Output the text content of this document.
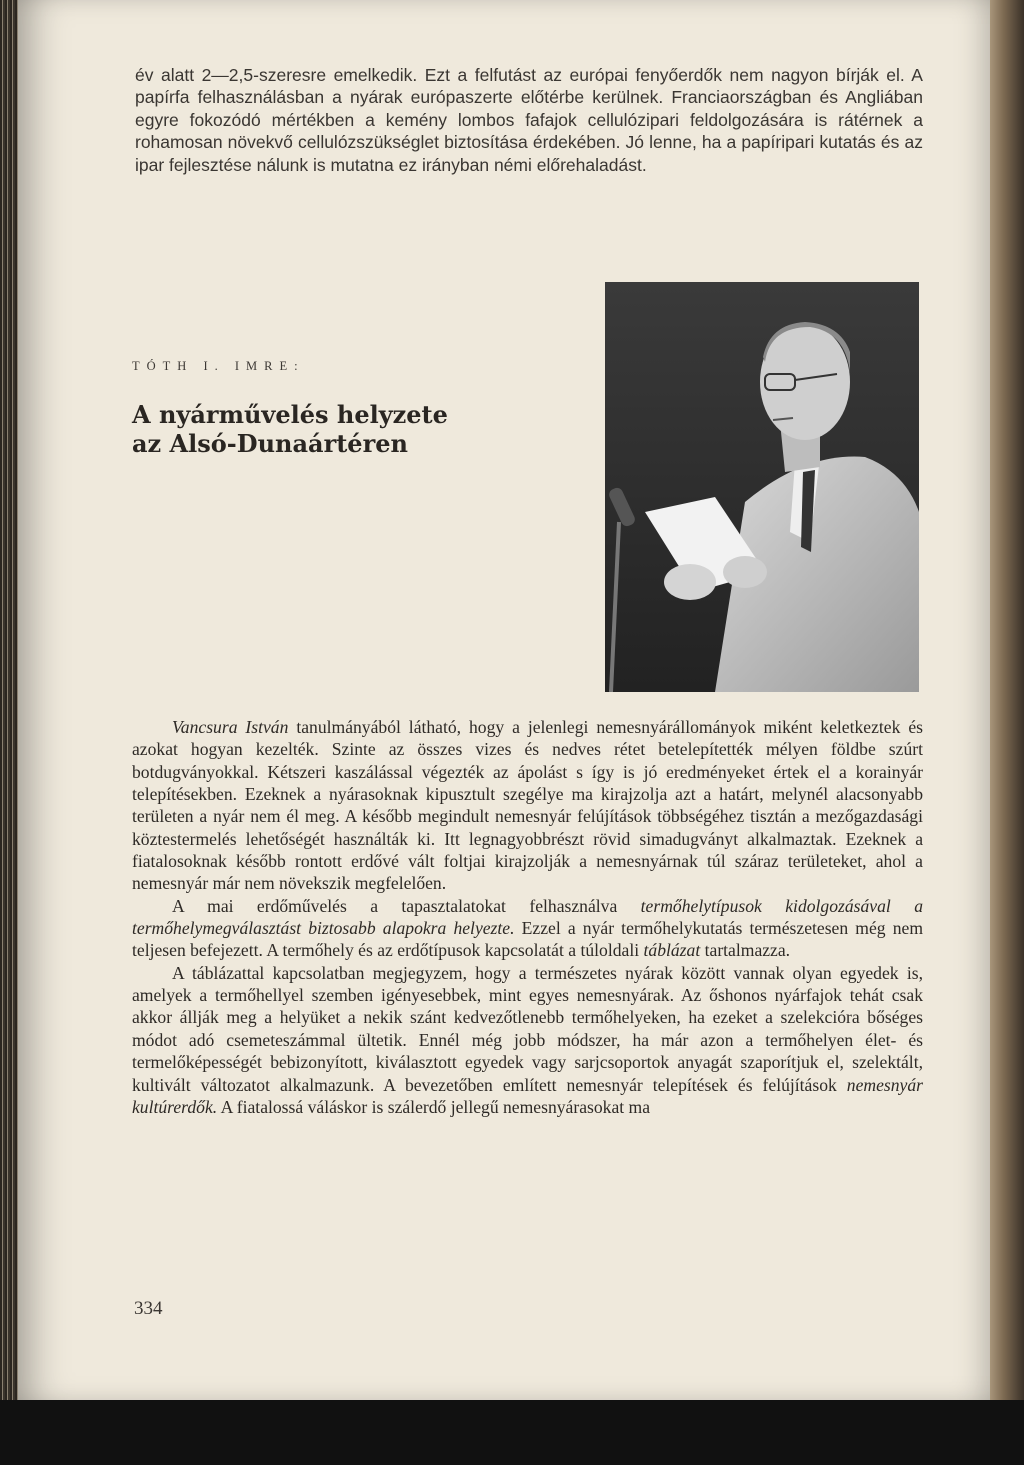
év alatt 2—2,5-szeresre emelkedik. Ezt a felfutást az európai fenyőerdők nem nagyon bírják el. A papírfa felhasználásban a nyárak európaszerte előtérbe kerülnek. Franciaországban és Angliában egyre fokozódó mértékben a kemény lombos fafajok cellulózipari feldolgozására is rátérnek a rohamosan növekvő cellulózszükséglet biztosítása érdekében. Jó lenne, ha a papíripari kutatás és az ipar fejlesztése nálunk is mutatna ez irányban némi előrehaladást.

TÓTH I. IMRE:
A nyárművelés helyzete
az Alsó-Dunaártéren

Vancsura István tanulmányából látható, hogy a jelenlegi nemesnyárállományok miként keletkeztek és azokat hogyan kezelték. Szinte az összes vizes és nedves rétet betelepítették mélyen földbe szúrt botdugványokkal. Kétszeri kaszálással végezték az ápolást s így is jó eredményeket értek el a korainyár telepítésekben. Ezeknek a nyárasoknak kipusztult szegélye ma kirajzolja azt a határt, melynél alacsonyabb területen a nyár nem él meg. A később megindult nemesnyár felújítások többségéhez tisztán a mezőgazdasági köztestermelés lehetőségét használták ki. Itt legnagyobbrészt rövid simadugványt alkalmaztak. Ezeknek a fiatalosoknak később rontott erdővé vált foltjai kirajzolják a nemesnyárnak túl száraz területeket, ahol a nemesnyár már nem növekszik megfelelően.

A mai erdőművelés a tapasztalatokat felhasználva termőhelytípusok kidolgozásával a termőhelymegválasztást biztosabb alapokra helyezte. Ezzel a nyár termőhelykutatás természetesen még nem teljesen befejezett. A termőhely és az erdőtípusok kapcsolatát a túloldali táblázat tartalmazza.

A táblázattal kapcsolatban megjegyzem, hogy a természetes nyárak között vannak olyan egyedek is, amelyek a termőhellyel szemben igényesebbek, mint egyes nemesnyárak. Az őshonos nyárfajok tehát csak akkor állják meg a helyüket a nekik szánt kedvezőtlenebb termőhelyeken, ha ezeket a szelekcióra bőséges módot adó csemeteszámmal ültetik. Ennél még jobb módszer, ha már azon a termőhelyen élet- és termelőképességét bebizonyított, kiválasztott egyedek vagy sarjcsoportok anyagát szaporítjuk el, szelektált, kultivált változatot alkalmazunk. A bevezetőben említett nemesnyár telepítések és felújítások nemesnyár kultúrerdők. A fiatalossá váláskor is szálerdő jellegű nemesnyárasokat ma

334
